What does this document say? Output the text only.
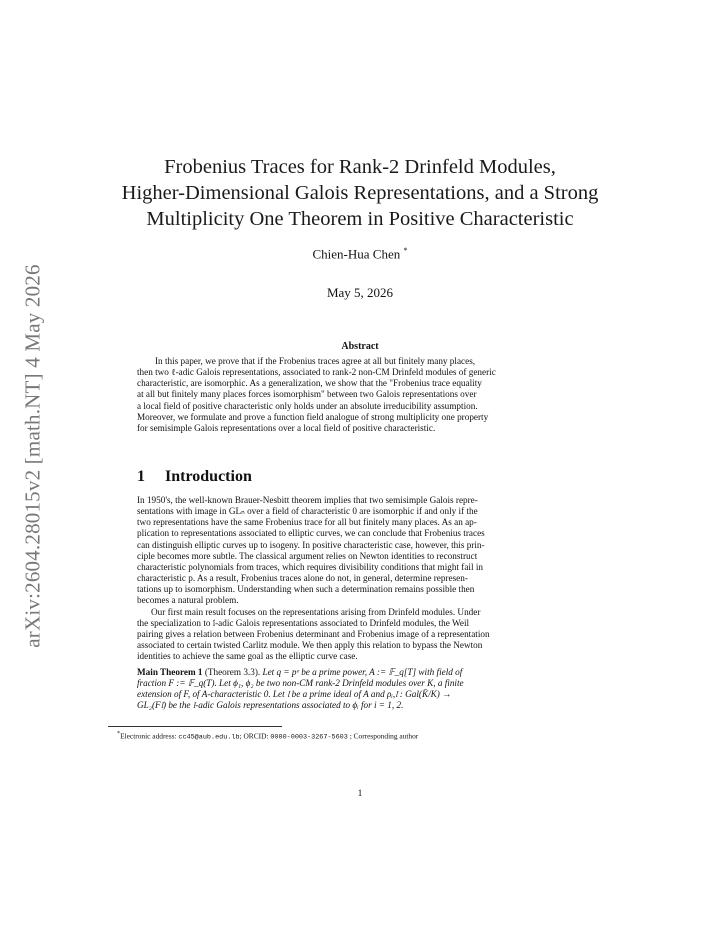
arXiv:2604.28015v2 [math.NT] 4 May 2026
Frobenius Traces for Rank-2 Drinfeld Modules,
Higher-Dimensional Galois Representations, and a Strong
Multiplicity One Theorem in Positive Characteristic
Chien-Hua Chen *
May 5, 2026
Abstract
In this paper, we prove that if the Frobenius traces agree at all but finitely many places,
then two ℓ-adic Galois representations, associated to rank-2 non-CM Drinfeld modules of generic
characteristic, are isomorphic. As a generalization, we show that the "Frobenius trace equality
at all but finitely many places forces isomorphism" between two Galois representations over
a local field of positive characteristic only holds under an absolute irreducibility assumption.
Moreover, we formulate and prove a function field analogue of strong multiplicity one property
for semisimple Galois representations over a local field of positive characteristic.
1 Introduction

In 1950's, the well-known Brauer-Nesbitt theorem implies that two semisimple Galois repre-
sentations with image in GLₙ over a field of characteristic 0 are isomorphic if and only if the
two representations have the same Frobenius trace for all but finitely many places. As an ap-
plication to representations associated to elliptic curves, we can conclude that Frobenius traces
can distinguish elliptic curves up to isogeny. In positive characteristic case, however, this prin-
ciple becomes more subtle. The classical argument relies on Newton identities to reconstruct
characteristic polynomials from traces, which requires divisibility conditions that might fail in
characteristic p. As a result, Frobenius traces alone do not, in general, determine represen-
tations up to isomorphism. Understanding when such a determination remains possible then
becomes a natural problem.

Our first main result focuses on the representations arising from Drinfeld modules. Under
the specialization to 𝔩-adic Galois representations associated to Drinfeld modules, the Weil
pairing gives a relation between Frobenius determinant and Frobenius image of a representation
associated to certain twisted Carlitz module. We then apply this relation to bypass the Newton
identities to achieve the same goal as the elliptic curve case.

Main Theorem 1 (Theorem 3.3). Let q = pᵉ be a prime power, A := 𝔽_q[T] with field of
fraction F := 𝔽_q(T). Let ϕ₁, ϕ₂ be two non-CM rank-2 Drinfeld modules over K, a finite
extension of F, of A-characteristic 0. Let 𝔩 be a prime ideal of A and ρᵢ,𝔩 : Gal(K̄/K) →
GL₂(F𝔩) be the 𝔩-adic Galois representations associated to ϕᵢ for i = 1, 2.
*Electronic address: cc45@aub.edu.lb; ORCID: 0000-0003-3267-5603 ; Corresponding author
1
